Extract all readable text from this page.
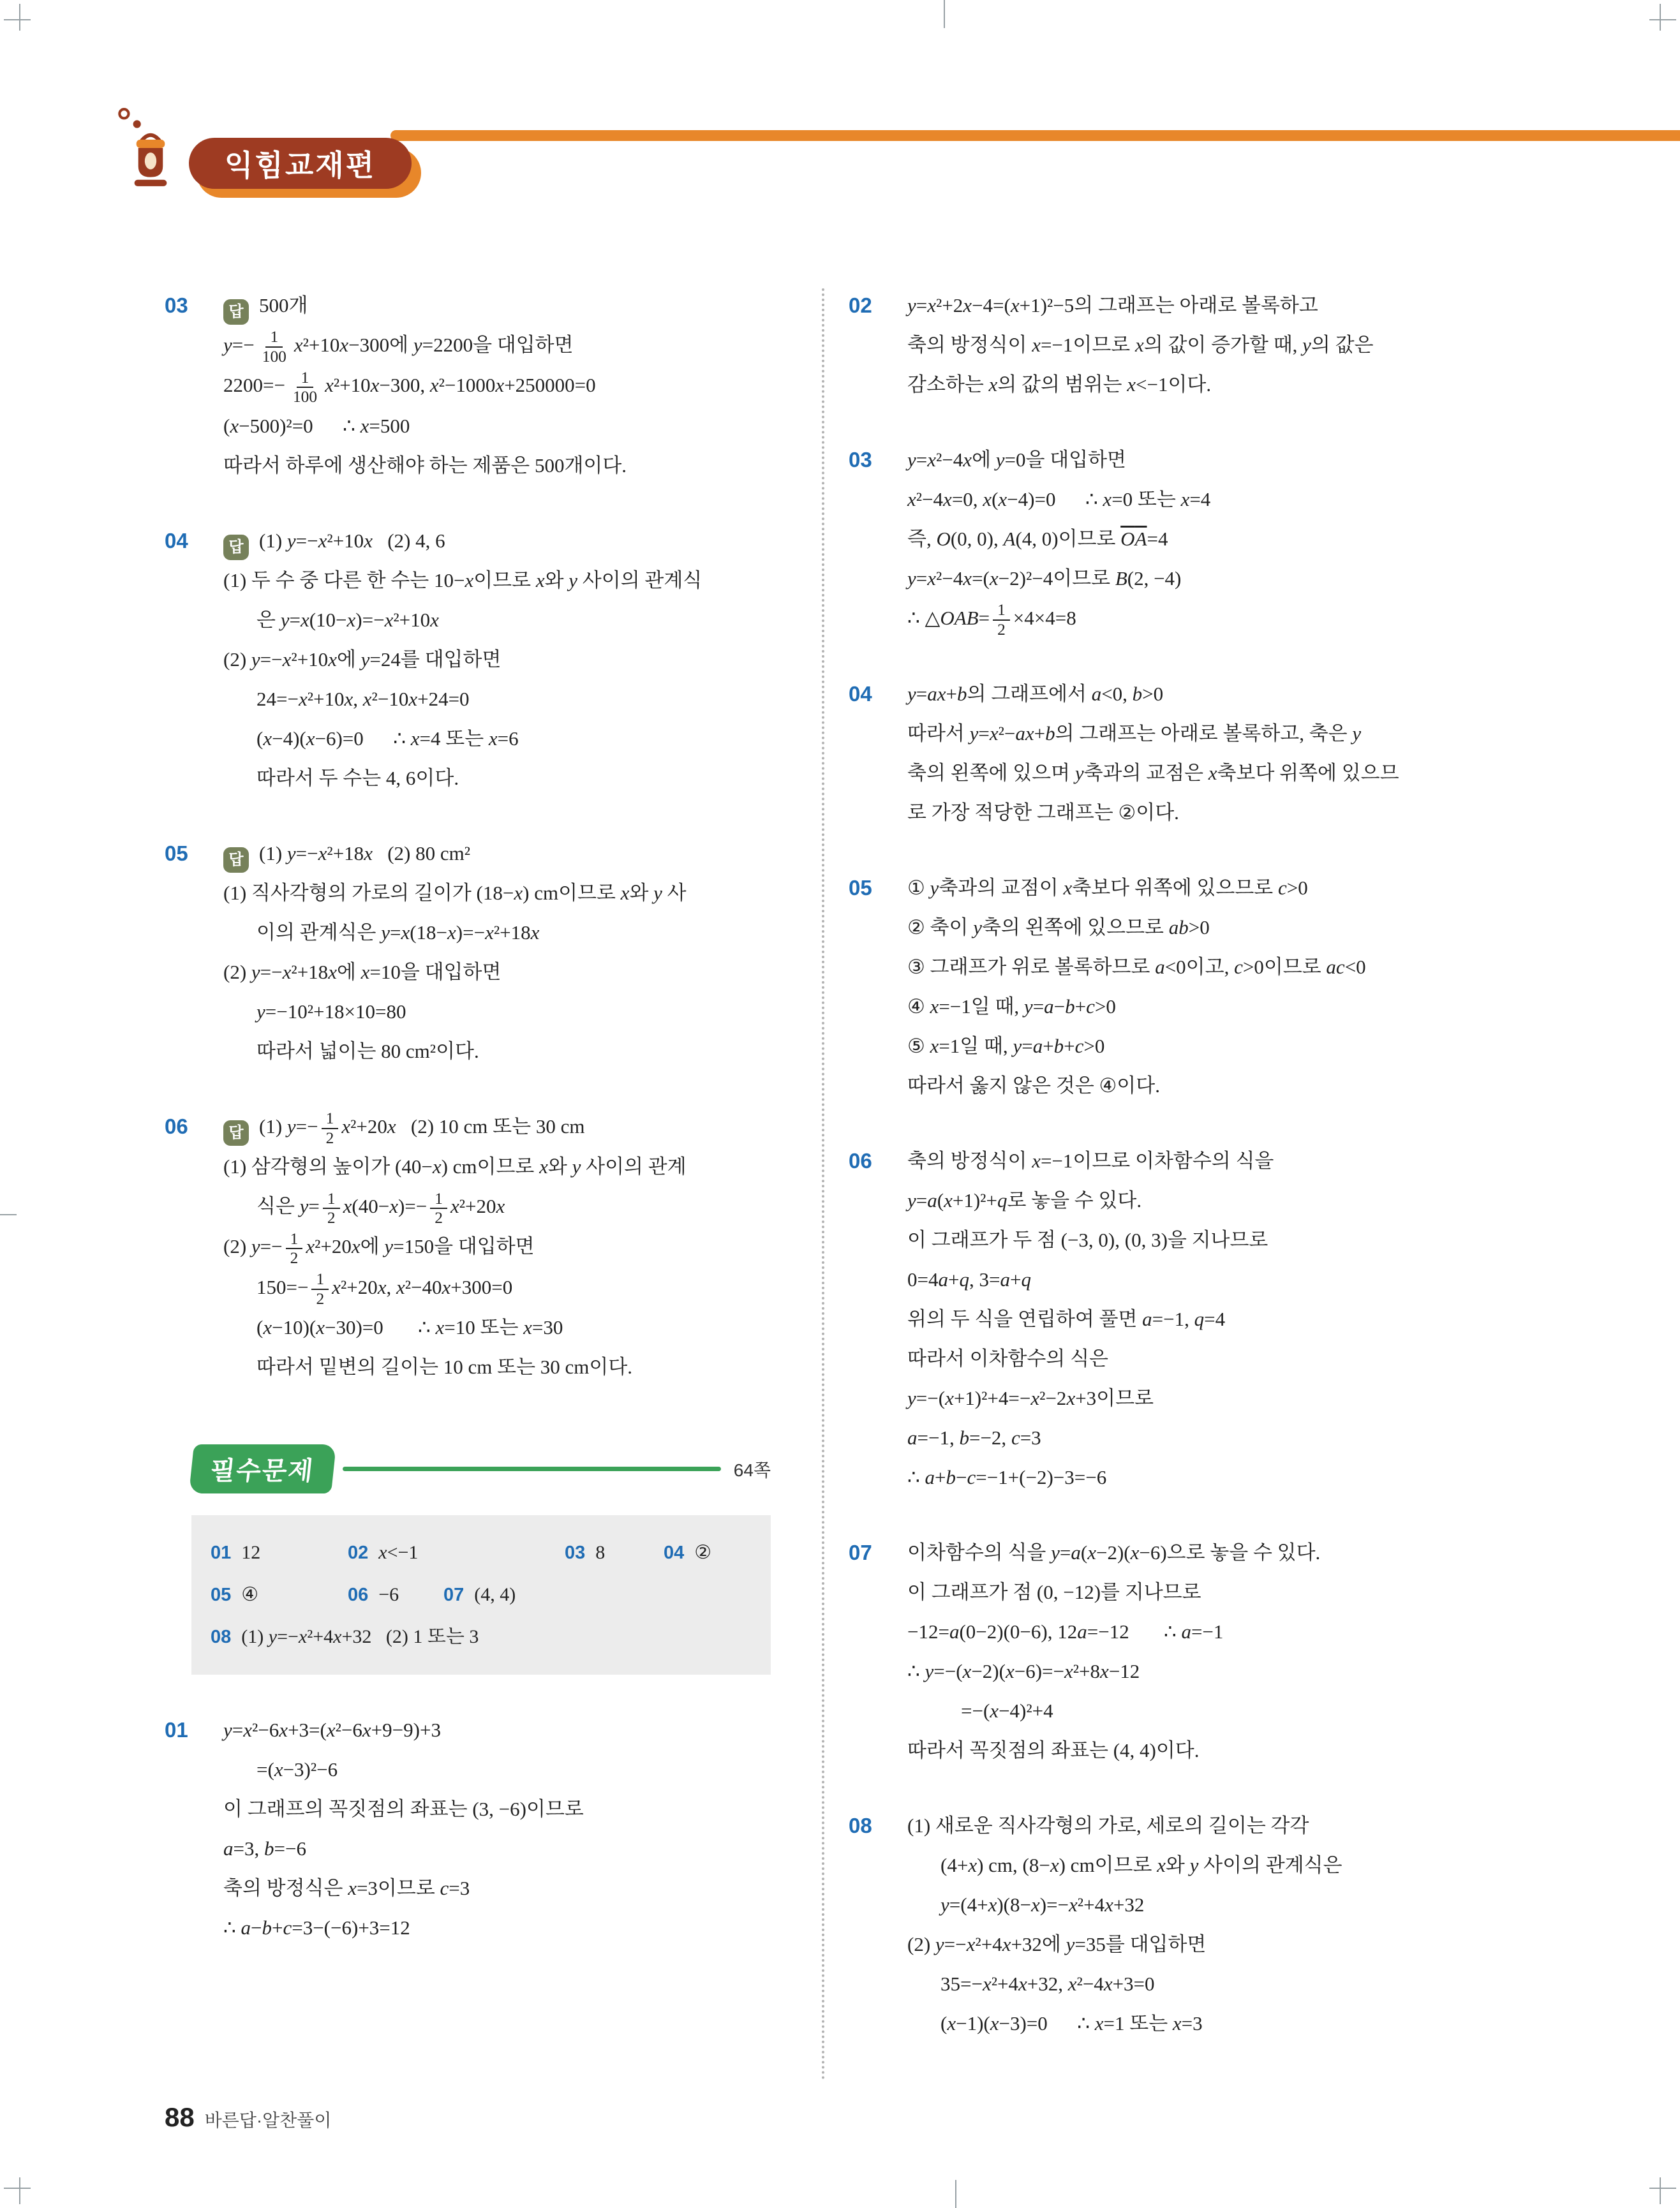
익힘교재편
03	답 500개
$y=- \frac{1}{100} x^2+10x-300$에 y=2200을 대입하면
$2200=- \frac{1}{100} x^2+10x-300$, x²−1000x+250000=0
(x−500)²=0      ∴ x=500
따라서 하루에 생산해야 하는 제품은 500개이다.
04	답 (1) y=−x²+10x   (2) 4, 6
(1) 두 수 중 다른 한 수는 10−x이므로 x와 y 사이의 관계식
은 y=x(10−x)=−x²+10x
(2) y=−x²+10x에 y=24를 대입하면
24=−x²+10x, x²−10x+24=0
(x−4)(x−6)=0      ∴ x=4 또는 x=6
따라서 두 수는 4, 6이다.
05	답 (1) y=−x²+18x   (2) 80 cm²
(1) 직사각형의 가로의 길이가 (18−x) cm이므로 x와 y 사
이의 관계식은 y=x(18−x)=−x²+18x
(2) y=−x²+18x에 x=10을 대입하면
y=−10²+18×10=80
따라서 넓이는 80 cm²이다.
06	답 (1) $y=- \frac{1}{2} x^2+20x$   (2) 10 cm 또는 30 cm
(1) 삼각형의 높이가 (40−x) cm이므로 x와 y 사이의 관계
식은 $y= \frac{1}{2} x(40-x)=- \frac{1}{2} x^2+20x$
(2) $y=- \frac{1}{2} x^2+20x$에 y=150을 대입하면
$150=- \frac{1}{2} x^2+20x$, x²−40x+300=0
(x−10)(x−30)=0       ∴ x=10 또는 x=30
따라서 밑변의 길이는 10 cm 또는 30 cm이다.
필수문제	64쪽
01 12	02 x<−1	03 8	04 ②
05 ④	06 −6 07 (4, 4)
08 (1) y=−x²+4x+32   (2) 1 또는 3
01	y=x²−6x+3=(x²−6x+9−9)+3
=(x−3)²−6
이 그래프의 꼭짓점의 좌표는 (3, −6)이므로
a=3, b=−6
축의 방정식은 x=3이므로 c=3
∴ a−b+c=3−(−6)+3=12
02	y=x²+2x−4=(x+1)²−5의 그래프는 아래로 볼록하고
축의 방정식이 x=−1이므로 x의 값이 증가할 때, y의 값은
감소하는 x의 값의 범위는 x<−1이다.
03	y=x²−4x에 y=0을 대입하면
x²−4x=0, x(x−4)=0      ∴ x=0 또는 x=4
즉, O(0, 0), A(4, 0)이므로 OA=4
y=x²−4x=(x−2)²−4이므로 B(2, −4)
∴ △OAB= $\frac{1}{2} \times 4\times 4=8$
04	y=ax+b의 그래프에서 a<0, b>0
따라서 y=x²−ax+b의 그래프는 아래로 볼록하고, 축은 y
축의 왼쪽에 있으며 y축과의 교점은 x축보다 위쪽에 있으므
로 가장 적당한 그래프는 ②이다.
05	① y축과의 교점이 x축보다 위쪽에 있으므로 c>0
② 축이 y축의 왼쪽에 있으므로 ab>0
③ 그래프가 위로 볼록하므로 a<0이고, c>0이므로 ac<0
④ x=−1일 때, y=a−b+c>0
⑤ x=1일 때, y=a+b+c>0
따라서 옳지 않은 것은 ④이다.
06	축의 방정식이 x=−1이므로 이차함수의 식을
y=a(x+1)²+q로 놓을 수 있다.
이 그래프가 두 점 (−3, 0), (0, 3)을 지나므로
0=4a+q, 3=a+q
위의 두 식을 연립하여 풀면 a=−1, q=4
따라서 이차함수의 식은
y=−(x+1)²+4=−x²−2x+3이므로
a=−1, b=−2, c=3
∴ a+b−c=−1+(−2)−3=−6
07	이차함수의 식을 y=a(x−2)(x−6)으로 놓을 수 있다.
이 그래프가 점 (0, −12)를 지나므로
−12=a(0−2)(0−6), 12a=−12       ∴ a=−1
∴ y=−(x−2)(x−6)=−x²+8x−12
=−(x−4)²+4
따라서 꼭짓점의 좌표는 (4, 4)이다.
08	(1) 새로운 직사각형의 가로, 세로의 길이는 각각
(4+x) cm, (8−x) cm이므로 x와 y 사이의 관계식은
y=(4+x)(8−x)=−x²+4x+32
(2) y=−x²+4x+32에 y=35를 대입하면
35=−x²+4x+32, x²−4x+3=0
(x−1)(x−3)=0      ∴ x=1 또는 x=3
88 바른답·알찬풀이
